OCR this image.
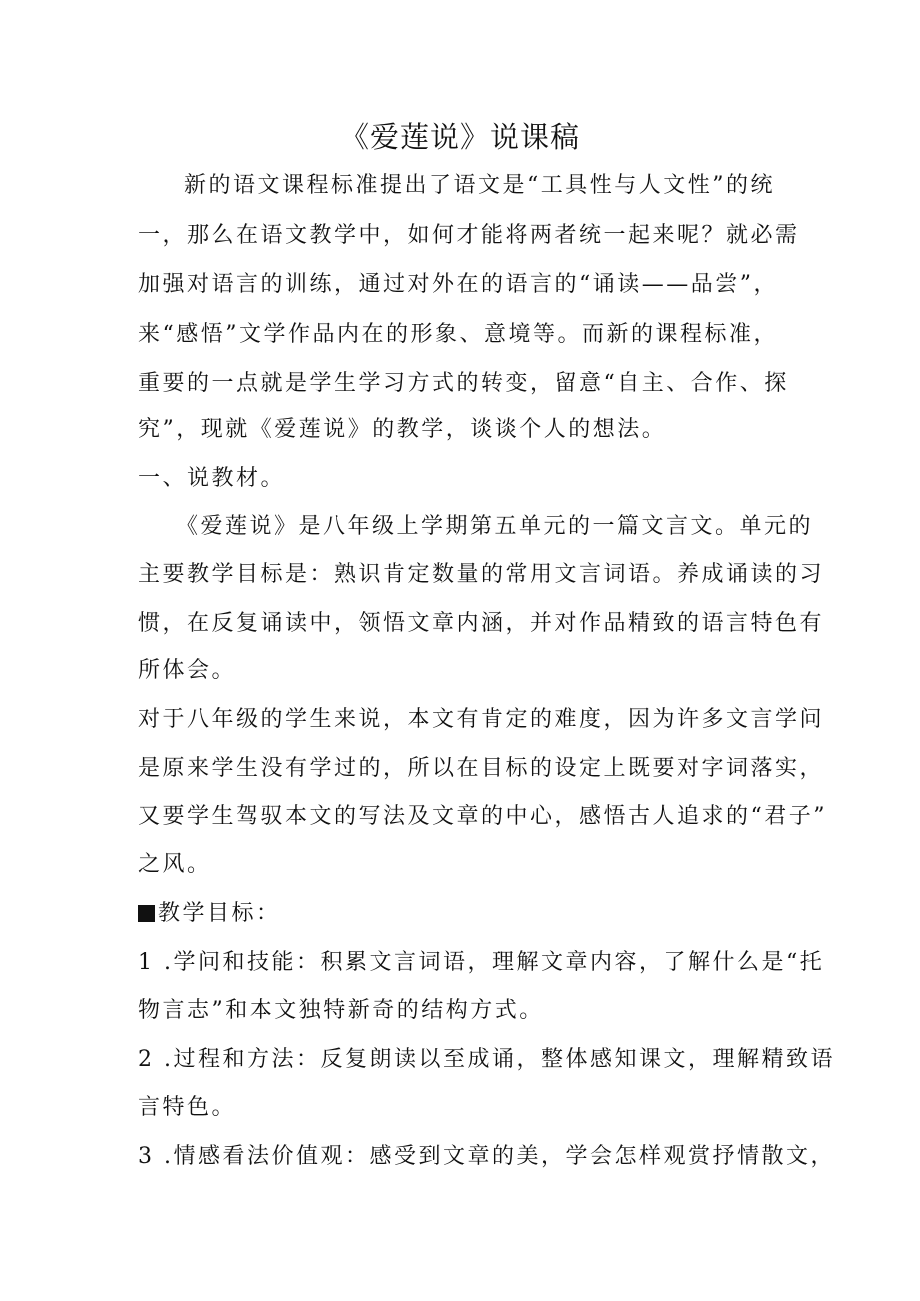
《爱莲说》说课稿
新的语文课程标准提出了语文是“工具性与人文性”的统
一，那么在语文教学中，如何才能将两者统一起来呢？就必需
加强对语言的训练，通过对外在的语言的“诵读——品尝”，
来“感悟”文学作品内在的形象、意境等。而新的课程标准，
重要的一点就是学生学习方式的转变，留意“自主、合作、探
究”，现就《爱莲说》的教学，谈谈个人的想法。
一、说教材。
《爱莲说》是八年级上学期第五单元的一篇文言文。单元的
主要教学目标是：熟识肯定数量的常用文言词语。养成诵读的习
惯，在反复诵读中，领悟文章内涵，并对作品精致的语言特色有
所体会。
对于八年级的学生来说，本文有肯定的难度，因为许多文言学问
是原来学生没有学过的，所以在目标的设定上既要对字词落实，
又要学生驾驭本文的写法及文章的中心，感悟古人追求的“君子”
之风。
教学目标：
1 .学问和技能：积累文言词语，理解文章内容，了解什么是“托
物言志”和本文独特新奇的结构方式。
2 .过程和方法：反复朗读以至成诵，整体感知课文，理解精致语
言特色。
3 .情感看法价值观：感受到文章的美，学会怎样观赏抒情散文，
